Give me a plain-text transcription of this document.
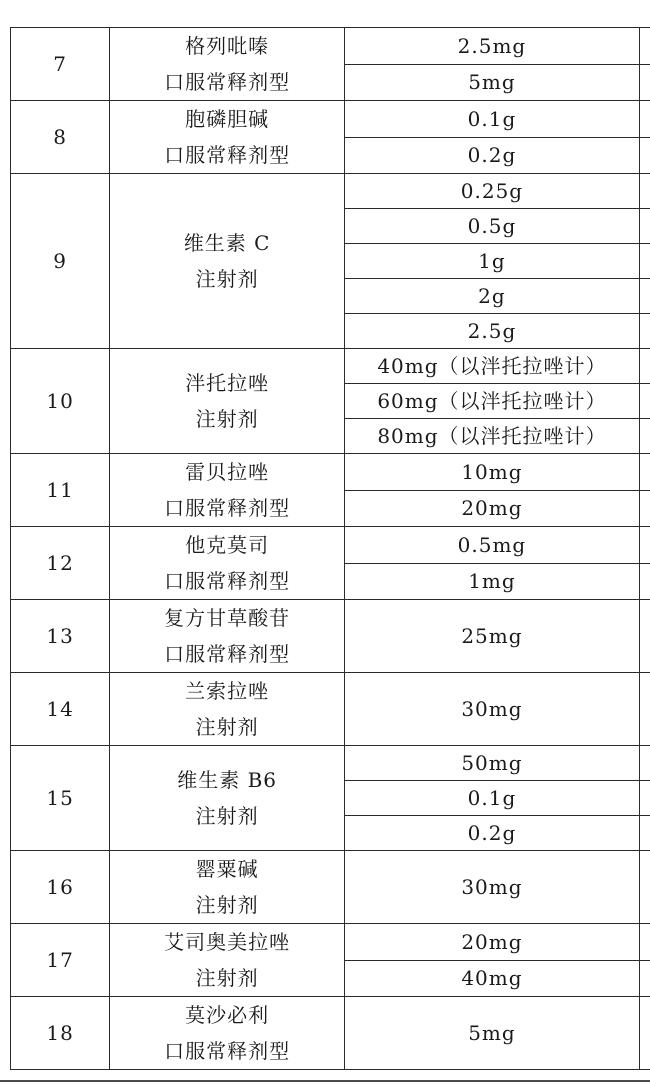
7	格列吡嗪
口服常释剂型	2.5mg	
		5mg	
8	胞磷胆碱
口服常释剂型	0.1g	
		0.2g	
9	维生素 C
注射剂	0.25g	
		0.5g	
		1g	
		2g	
		2.5g	
10	泮托拉唑
注射剂	40mg（以泮托拉唑计）	
		60mg（以泮托拉唑计）	
		80mg（以泮托拉唑计）	
11	雷贝拉唑
口服常释剂型	10mg	
		20mg	
12	他克莫司
口服常释剂型	0.5mg	
		1mg	
13	复方甘草酸苷
口服常释剂型	25mg	
14	兰索拉唑
注射剂	30mg	
15	维生素 B6
注射剂	50mg	
		0.1g	
		0.2g	
16	罂粟碱
注射剂	30mg	
17	艾司奥美拉唑
注射剂	20mg	
		40mg	
18	莫沙必利
口服常释剂型	5mg	
